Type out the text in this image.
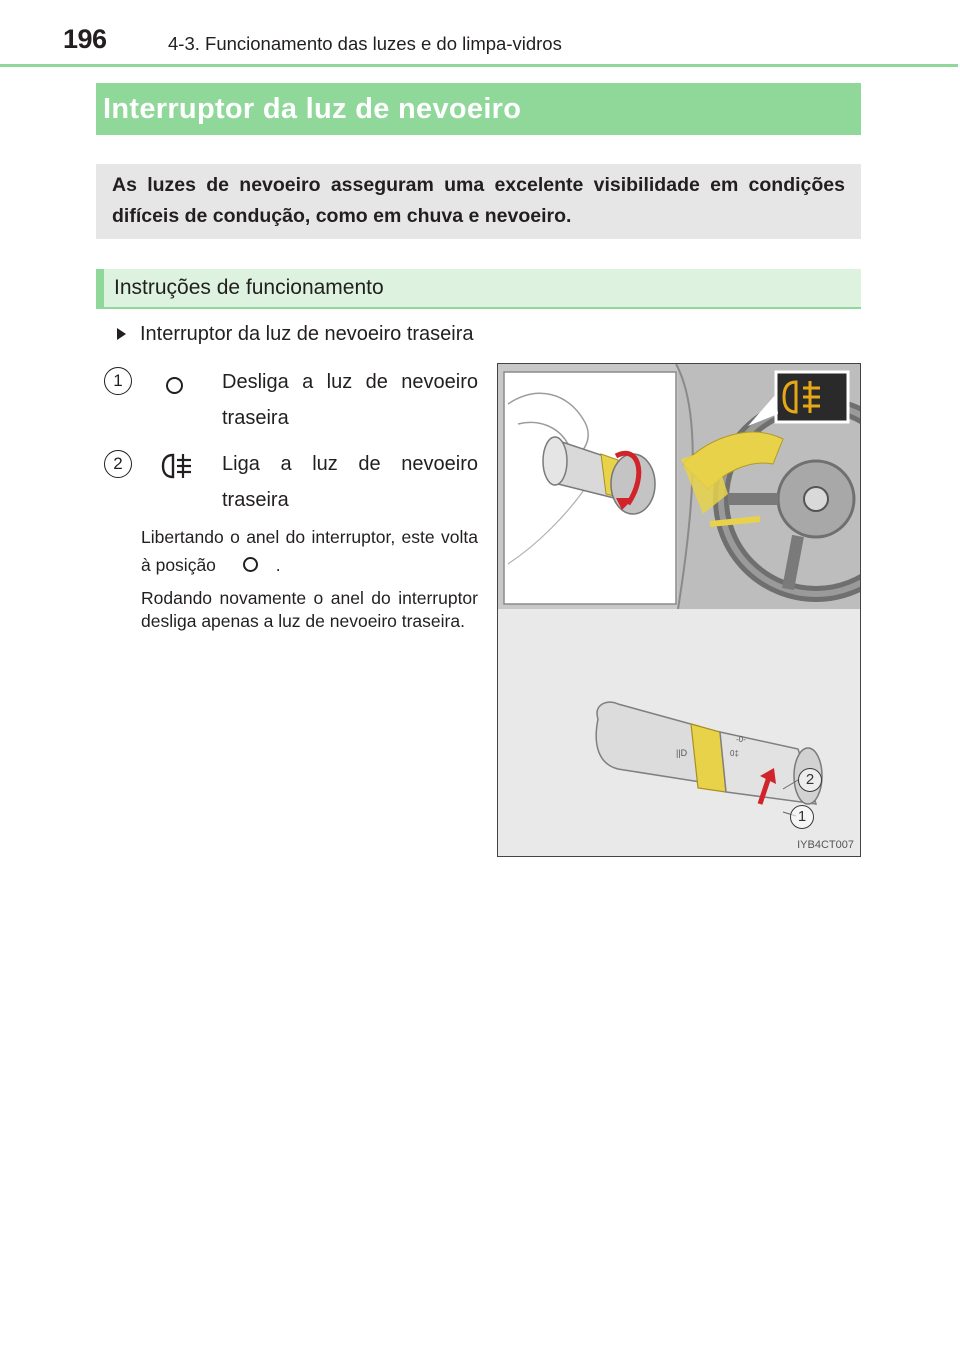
196	4-3. Funcionamento das luzes e do limpa-vidros
Interruptor da luz de nevoeiro
As luzes de nevoeiro asseguram uma excelente visibilidade em condições difíceis de condução, como em chuva e nevoeiro.
Instruções de funcionamento
Interruptor da luz de nevoeiro traseira
1	Desliga a luz de nevoeiro traseira
2	Liga a luz de nevoeiro traseira
Libertando o anel do interruptor, este volta à posição	.
Rodando novamente o anel do interruptor desliga apenas a luz de nevoeiro traseira.
||D	0‡
-0-
2
1
IYB4CT007
